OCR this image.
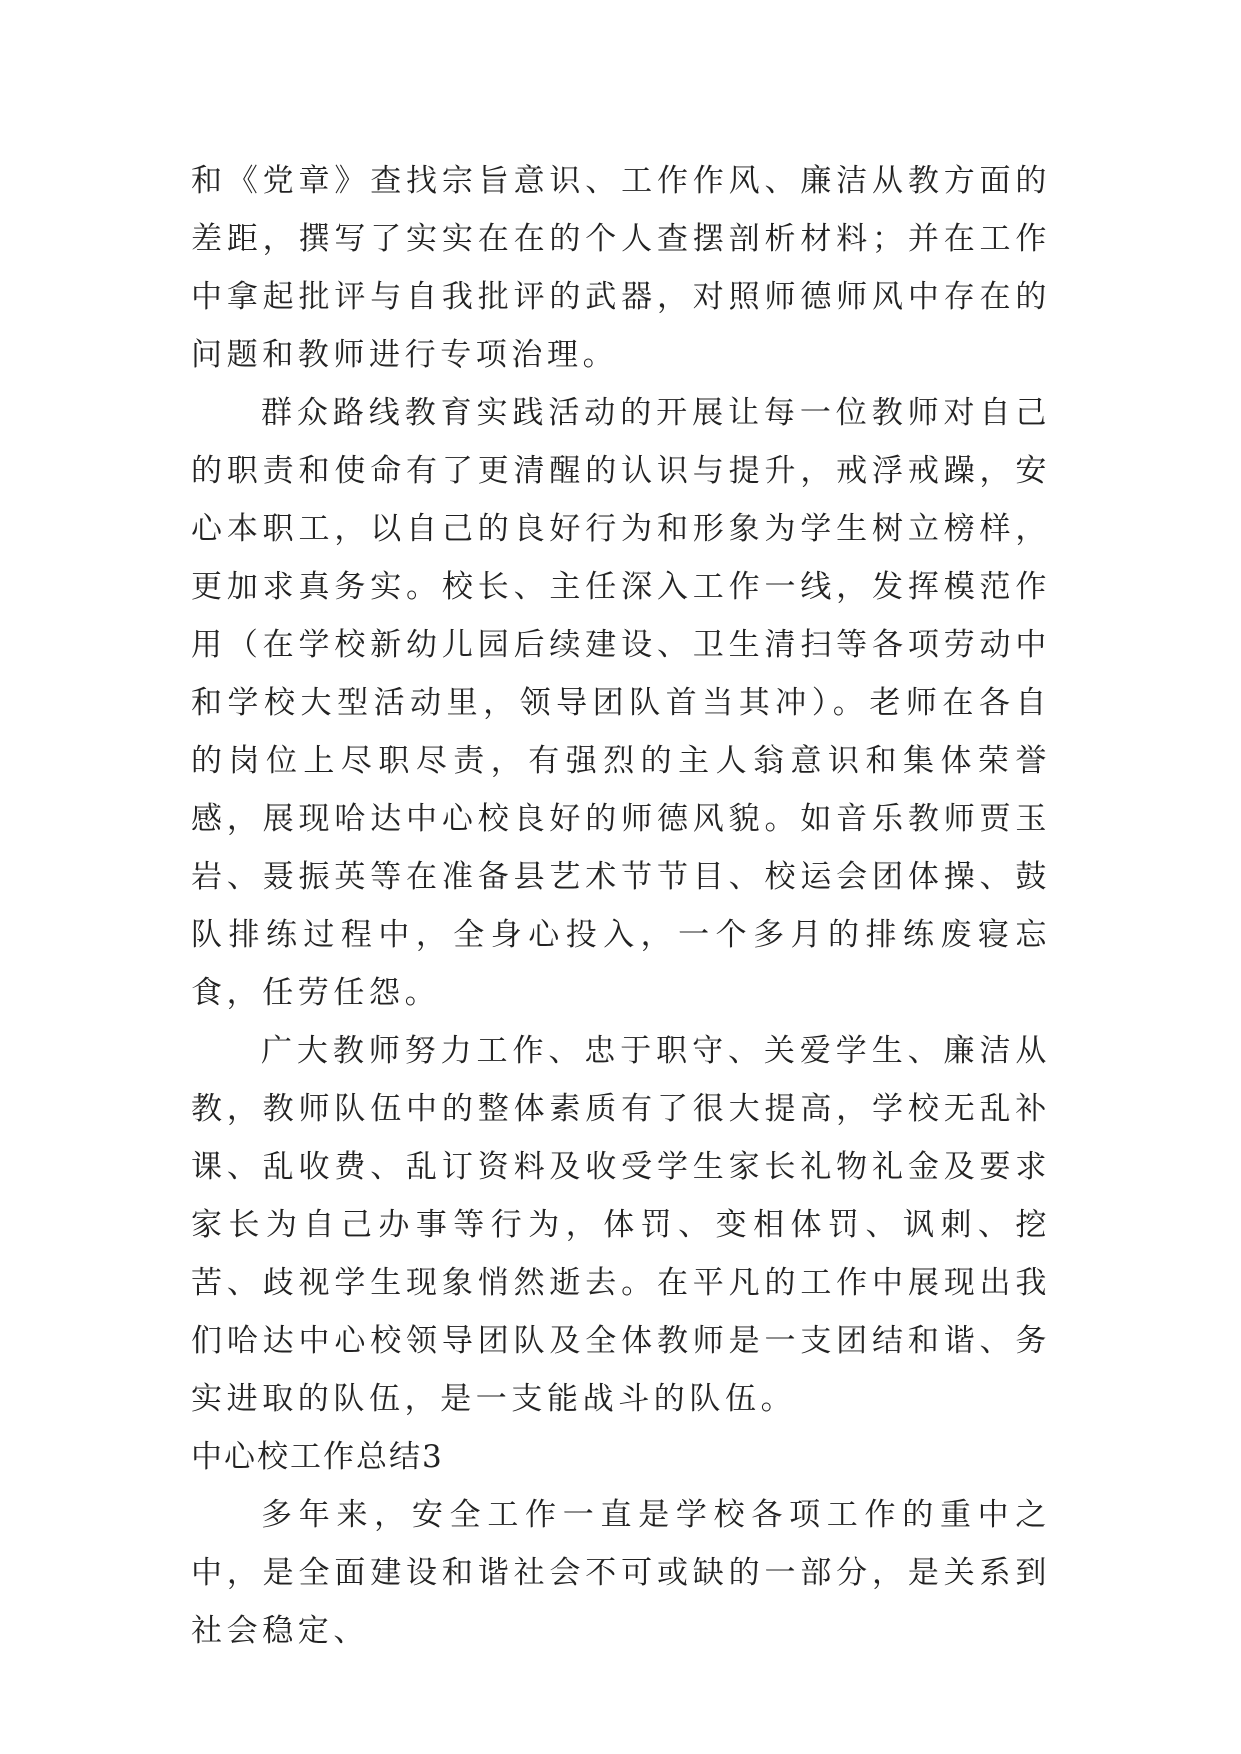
和《党章》查找宗旨意识、工作作风、廉洁从教方面的差距，撰写了实实在在的个人查摆剖析材料；并在工作中拿起批评与自我批评的武器，对照师德师风中存在的问题和教师进行专项治理。

群众路线教育实践活动的开展让每一位教师对自己的职责和使命有了更清醒的认识与提升，戒浮戒躁，安心本职工，以自己的良好行为和形象为学生树立榜样，更加求真务实。校长、主任深入工作一线，发挥模范作用（在学校新幼儿园后续建设、卫生清扫等各项劳动中和学校大型活动里，领导团队首当其冲）。老师在各自的岗位上尽职尽责，有强烈的主人翁意识和集体荣誉感，展现哈达中心校良好的师德风貌。如音乐教师贾玉岩、聂振英等在准备县艺术节节目、校运会团体操、鼓队排练过程中，全身心投入，一个多月的排练废寝忘食，任劳任怨。

广大教师努力工作、忠于职守、关爱学生、廉洁从教，教师队伍中的整体素质有了很大提高，学校无乱补课、乱收费、乱订资料及收受学生家长礼物礼金及要求家长为自己办事等行为，体罚、变相体罚、讽刺、挖苦、歧视学生现象悄然逝去。在平凡的工作中展现出我们哈达中心校领导团队及全体教师是一支团结和谐、务实进取的队伍，是一支能战斗的队伍。

中心校工作总结3

多年来，安全工作一直是学校各项工作的重中之中，是全面建设和谐社会不可或缺的一部分，是关系到社会稳定、
